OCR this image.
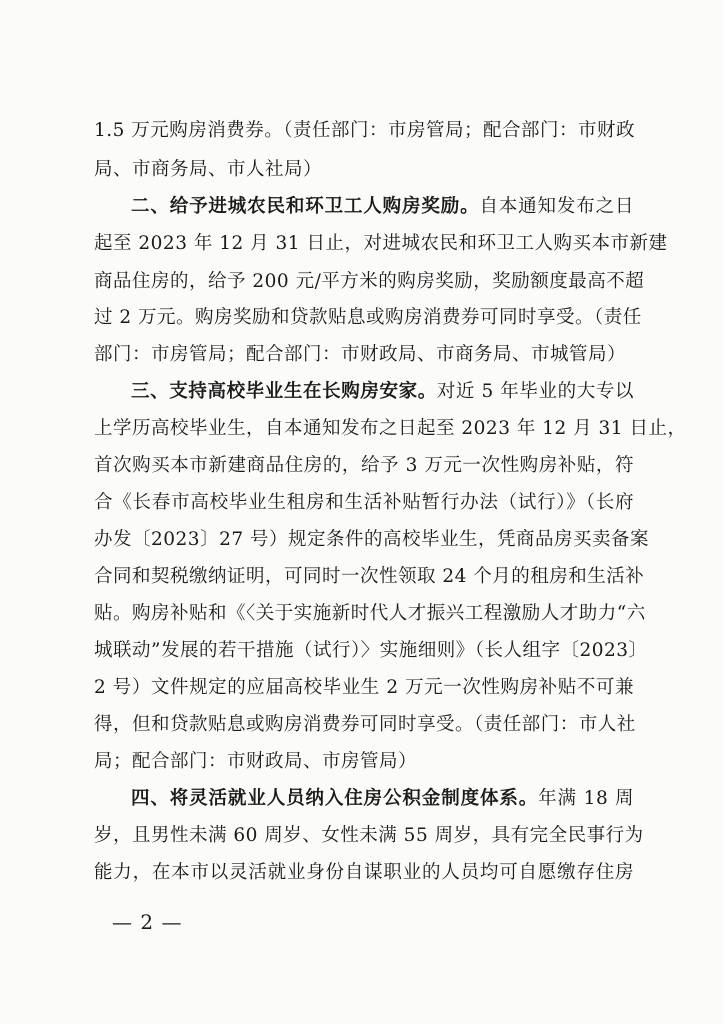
1.5 万元购房消费券。（责任部门：市房管局；配合部门：市财政
局、市商务局、市人社局）
二、给予进城农民和环卫工人购房奖励。自本通知发布之日
起至 2023 年 12 月 31 日止，对进城农民和环卫工人购买本市新建
商品住房的，给予 200 元/平方米的购房奖励，奖励额度最高不超
过 2 万元。购房奖励和贷款贴息或购房消费券可同时享受。（责任
部门：市房管局；配合部门：市财政局、市商务局、市城管局）
三、支持高校毕业生在长购房安家。对近 5 年毕业的大专以
上学历高校毕业生，自本通知发布之日起至 2023 年 12 月 31 日止，
首次购买本市新建商品住房的，给予 3 万元一次性购房补贴，符
合《长春市高校毕业生租房和生活补贴暂行办法（试行）》（长府
办发〔2023〕27 号）规定条件的高校毕业生，凭商品房买卖备案
合同和契税缴纳证明，可同时一次性领取 24 个月的租房和生活补
贴。购房补贴和《〈关于实施新时代人才振兴工程激励人才助力“六
城联动”发展的若干措施（试行）〉实施细则》（长人组字〔2023〕
2 号）文件规定的应届高校毕业生 2 万元一次性购房补贴不可兼
得，但和贷款贴息或购房消费券可同时享受。（责任部门：市人社
局；配合部门：市财政局、市房管局）
四、将灵活就业人员纳入住房公积金制度体系。年满 18 周
岁，且男性未满 60 周岁、女性未满 55 周岁，具有完全民事行为
能力，在本市以灵活就业身份自谋职业的人员均可自愿缴存住房
— 2 —
